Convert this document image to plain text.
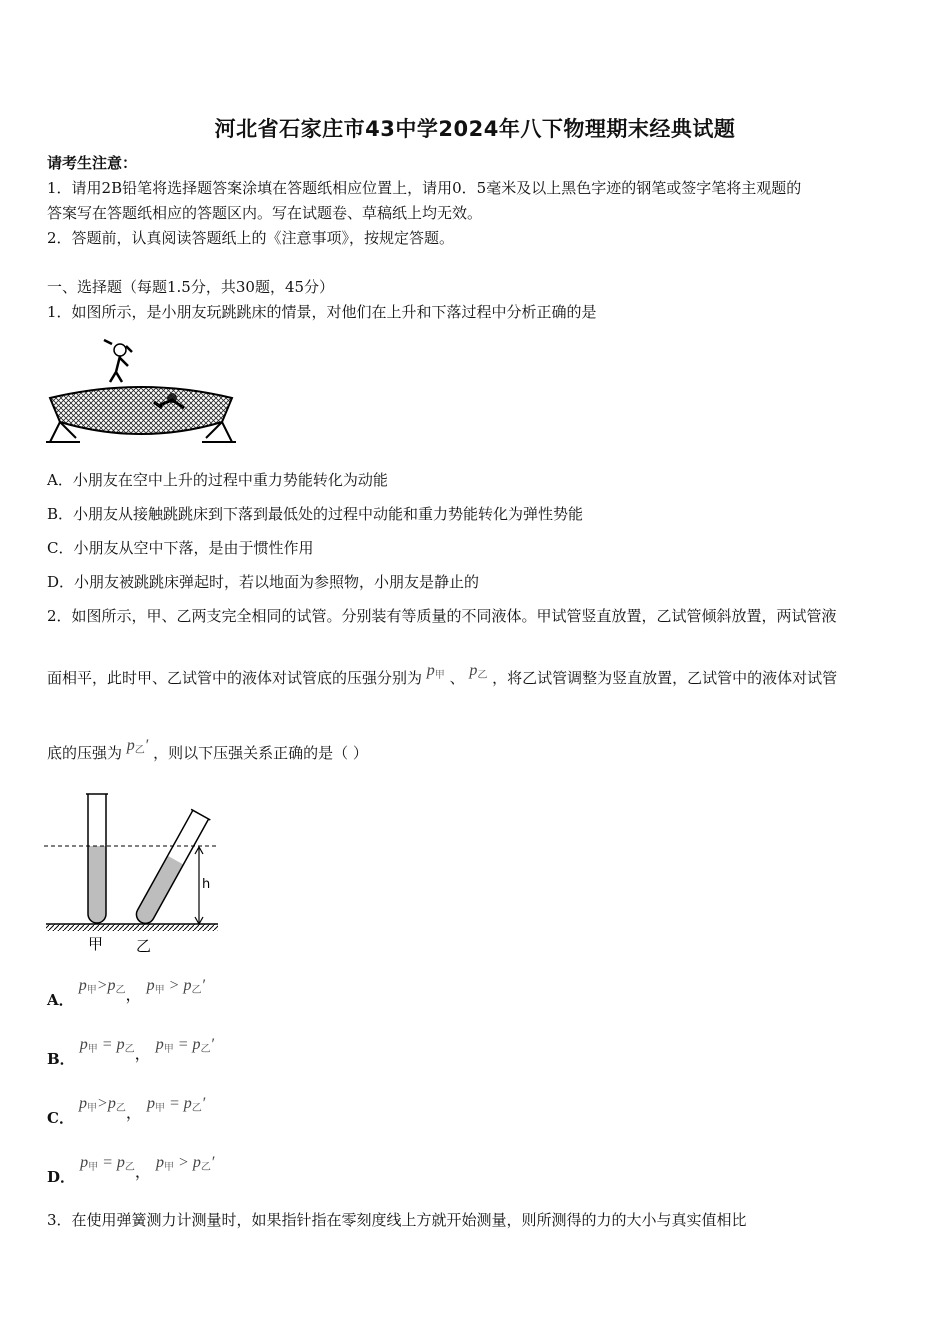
河北省石家庄市43中学2024年八下物理期末经典试题
请考生注意：
1．请用2B铅笔将选择题答案涂填在答题纸相应位置上，请用0．5毫米及以上黑色字迹的钢笔或签字笔将主观题的
答案写在答题纸相应的答题区内。写在试题卷、草稿纸上均无效。
2．答题前，认真阅读答题纸上的《注意事项》，按规定答题。
一、选择题（每题1.5分，共30题，45分）
1．如图所示，是小朋友玩跳跳床的情景，对他们在上升和下落过程中分析正确的是
A．小朋友在空中上升的过程中重力势能转化为动能
B．小朋友从接触跳跳床到下落到最低处的过程中动能和重力势能转化为弹性势能
C．小朋友从空中下落，是由于惯性作用
D．小朋友被跳跳床弹起时，若以地面为参照物，小朋友是静止的
2．如图所示，甲、乙两支完全相同的试管。分别装有等质量的不同液体。甲试管竖直放置，乙试管倾斜放置，两试管液
面相平，此时甲、乙试管中的液体对试管底的压强分别为 $p_甲$ 、 $p_乙$ ，将乙试管调整为竖直放置，乙试管中的液体对试管
底的压强为 $p_乙'$ ，则以下压强关系正确的是（ ）
h
甲 乙
A． $p_甲>p_乙$， $p_甲 > p_乙'$
B． $p_甲 = p_乙$， $p_甲 = p_乙'$
C． $p_甲>p_乙$， $p_甲 = p_乙'$
D． $p_甲 = p_乙$， $p_甲 > p_乙'$
3．在使用弹簧测力计测量时，如果指针指在零刻度线上方就开始测量，则所测得的力的大小与真实值相比
